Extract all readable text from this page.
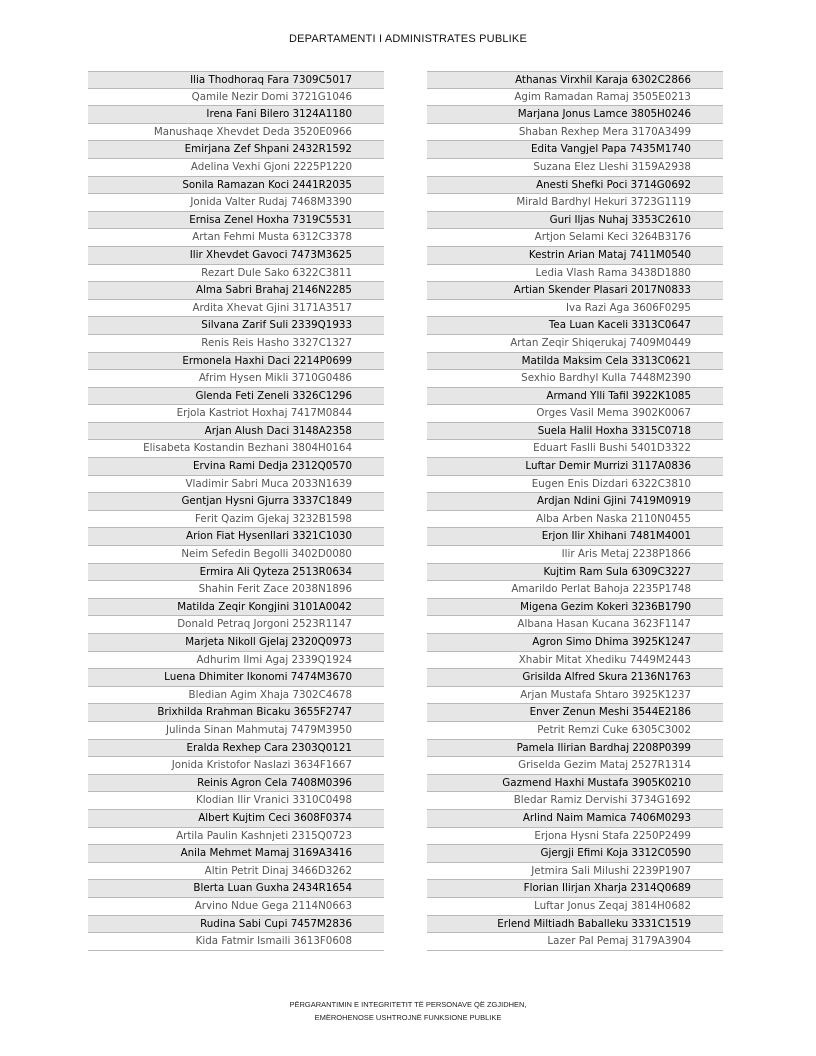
DEPARTAMENTI I ADMINISTRATES PUBLIKE
Ilia Thodhoraq Fara 7309C5017
Qamile Nezir Domi 3721G1046
Irena Fani Bilero 3124A1180
Manushaqe Xhevdet Deda 3520E0966
Emirjana Zef Shpani 2432R1592
Adelina Vexhi Gjoni 2225P1220
Sonila Ramazan Koci 2441R2035
Jonida Valter Rudaj 7468M3390
Ernisa Zenel Hoxha 7319C5531
Artan Fehmi Musta 6312C3378
Ilir Xhevdet Gavoci 7473M3625
Rezart Dule Sako 6322C3811
Alma Sabri Brahaj 2146N2285
Ardita Xhevat Gjini 3171A3517
Silvana Zarif Suli 2339Q1933
Renis Reis Hasho 3327C1327
Ermonela Haxhi Daci 2214P0699
Afrim Hysen Mikli 3710G0486
Glenda Feti Zeneli 3326C1296
Erjola Kastriot Hoxhaj 7417M0844
Arjan Alush Daci 3148A2358
Elisabeta Kostandin Bezhani 3804H0164
Ervina Rami Dedja 2312Q0570
Vladimir Sabri Muca 2033N1639
Gentjan Hysni Gjurra 3337C1849
Ferit Qazim Gjekaj 3232B1598
Arion Fiat Hysenllari 3321C1030
Neim Sefedin Begolli 3402D0080
Ermira Ali Qyteza 2513R0634
Shahin Ferit Zace 2038N1896
Matilda Zeqir Kongjini 3101A0042
Donald Petraq Jorgoni 2523R1147
Marjeta Nikoll Gjelaj 2320Q0973
Adhurim Ilmi Agaj 2339Q1924
Luena Dhimiter Ikonomi 7474M3670
Bledian Agim Xhaja 7302C4678
Brixhilda Rrahman Bicaku 3655F2747
Julinda Sinan Mahmutaj 7479M3950
Eralda Rexhep Cara 2303Q0121
Jonida Kristofor Naslazi 3634F1667
Reinis Agron Cela 7408M0396
Klodian Ilir Vranici 3310C0498
Albert Kujtim Ceci 3608F0374
Artila Paulin Kashnjeti 2315Q0723
Anila Mehmet Mamaj 3169A3416
Altin Petrit Dinaj 3466D3262
Blerta Luan Guxha 2434R1654
Arvino Ndue Gega 2114N0663
Rudina Sabi Cupi 7457M2836
Kida Fatmir Ismaili 3613F0608
Athanas Virxhil Karaja 6302C2866
Agim Ramadan Ramaj 3505E0213
Marjana Jonus Lamce 3805H0246
Shaban Rexhep Mera 3170A3499
Edita Vangjel Papa 7435M1740
Suzana Elez Lleshi 3159A2938
Anesti Shefki Poci 3714G0692
Mirald Bardhyl Hekuri 3723G1119
Guri Iljas Nuhaj 3353C2610
Artjon Selami Keci 3264B3176
Kestrin Arian Mataj 7411M0540
Ledia Vlash Rama 3438D1880
Artian Skender Plasari 2017N0833
Iva Razi Aga 3606F0295
Tea Luan Kaceli 3313C0647
Artan Zeqir Shiqerukaj 7409M0449
Matilda Maksim Cela 3313C0621
Sexhio Bardhyl Kulla 7448M2390
Armand Ylli Tafil 3922K1085
Orges Vasil Mema 3902K0067
Suela Halil Hoxha 3315C0718
Eduart Faslli Bushi 5401D3322
Luftar Demir Murrizi 3117A0836
Eugen Enis Dizdari 6322C3810
Ardjan Ndini Gjini 7419M0919
Alba Arben Naska 2110N0455
Erjon Ilir Xhihani 7481M4001
Ilir Aris Metaj 2238P1866
Kujtim Ram Sula 6309C3227
Amarildo Perlat Bahoja 2235P1748
Migena Gezim Kokeri 3236B1790
Albana Hasan Kucana 3623F1147
Agron Simo Dhima 3925K1247
Xhabir Mitat Xhediku 7449M2443
Grisilda Alfred Skura 2136N1763
Arjan Mustafa Shtaro 3925K1237
Enver Zenun Meshi 3544E2186
Petrit Remzi Cuke 6305C3002
Pamela Ilirian Bardhaj 2208P0399
Griselda Gezim Mataj 2527R1314
Gazmend Haxhi Mustafa 3905K0210
Bledar Ramiz Dervishi 3734G1692
Arlind Naim Mamica 7406M0293
Erjona Hysni Stafa 2250P2499
Gjergji Efimi Koja 3312C0590
Jetmira Sali Milushi 2239P1907
Florian Ilirjan Xharja 2314Q0689
Luftar Jonus Zeqaj 3814H0682
Erlend Miltiadh Baballeku 3331C1519
Lazer Pal Pemaj 3179A3904
PËRGARANTIMIN E INTEGRITETIT TË PERSONAVE QË ZGJIDHEN,
EMËROHENOSE USHTROJNË FUNKSIONE PUBLIKE
